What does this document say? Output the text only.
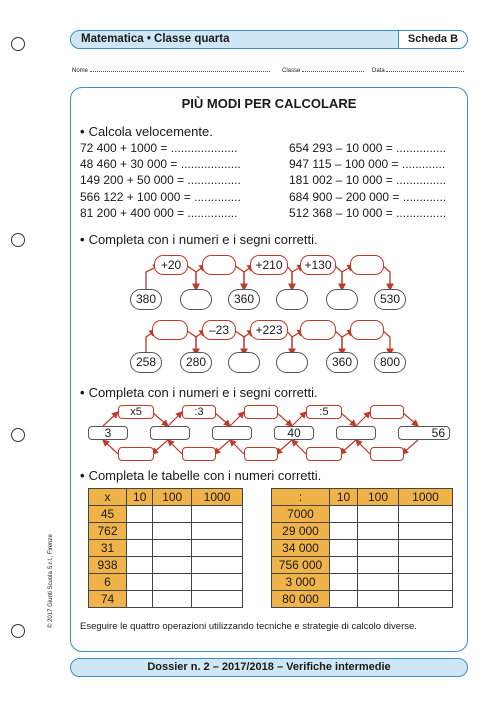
Matematica • Classe quarta	Scheda B
Nome	Classe	Data
PIÙ MODI PER CALCOLARE
• Calcola velocemente.
72 400 + 1000 = ....................
48 460 + 30 000 = ..................
149 200 + 50 000 = ................
566 122 + 100 000 = ..............
81 200 + 400 000 = ...............
654 293 – 10 000 = ...............
947 115 – 100 000 = .............
181 002 – 10 000 = ...............
684 900 – 200 000 = .............
512 368 – 10 000 = ...............
• Completa con i numeri e i segni corretti.
+20	+210	+130
380	360	530
–23	+223
258	280	360	800
• Completa con i numeri e i segni corretti.
x5	:3	:5
3	40	56
• Completa le tabelle con i numeri corretti.
x	10	100	1000
45			
762			
31			
938			
6			
74			
:	10	100	1000
7000			
29 000			
34 000			
756 000			
3 000			
80 000			
Eseguire le quattro operazioni utilizzando tecniche e strategie di calcolo diverse.
Dossier n. 2 – 2017/2018 – Verifiche intermedie
© 2017 Giunti Scuola S.r.l., Firenze
